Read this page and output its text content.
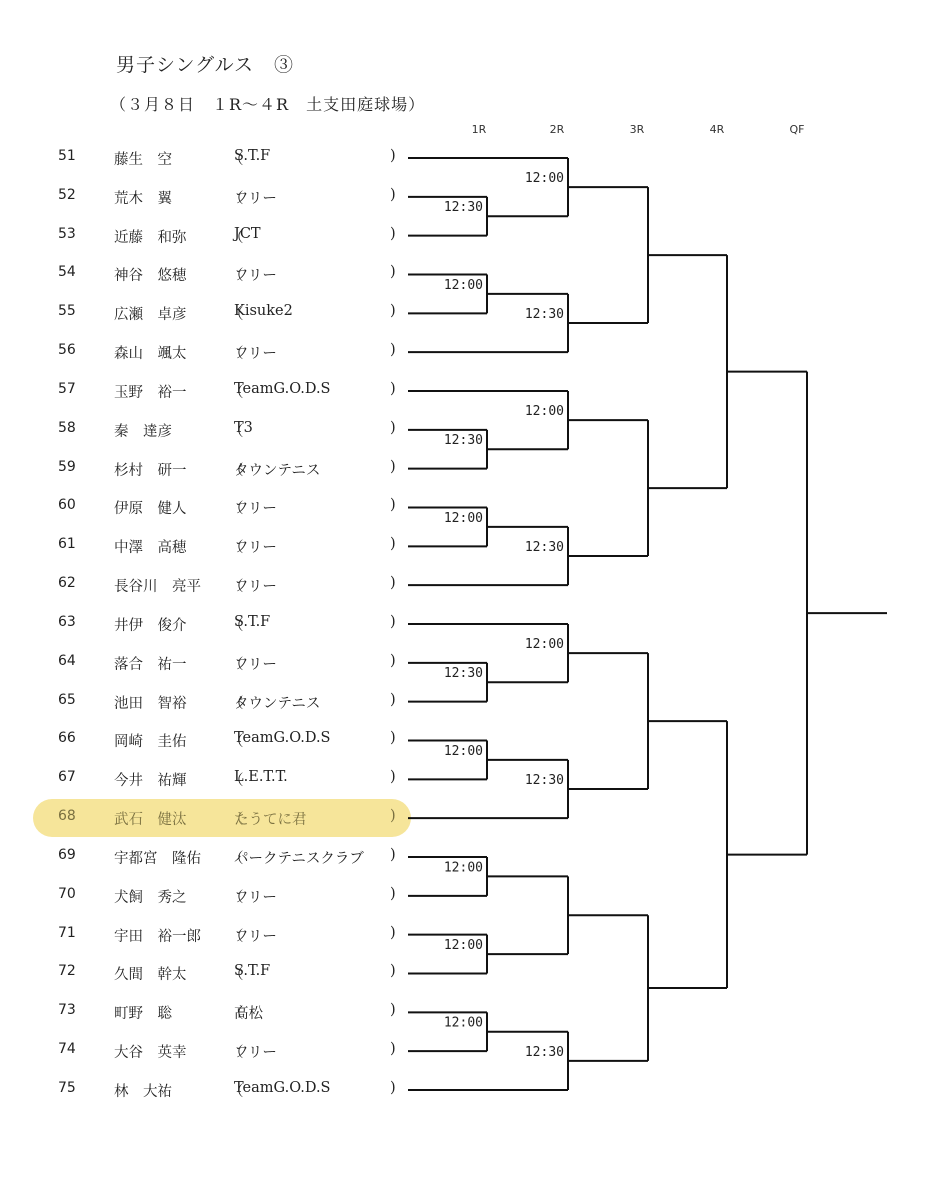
男子シングルス　③
（３月８日　１R～４R　土支田庭球場）
1R	2R	3R	4R	QF
51	藤生　空	（ S.T.F	)
52	荒木　翼	（ フリー	)
53	近藤　和弥	（ JCT	)
54	神谷　悠穂	（ フリー	)
55	広瀬　卓彦	（ Kisuke2	)
56	森山　颯太	（ フリー	)
57	玉野　裕一	（ TeamG.O.D.S	)
58	秦　達彦	（ T3	)
59	杉村　研一	（ タウンテニス	)
60	伊原　健人	（ フリー	)
61	中澤　高穂	（ フリー	)
62	長谷川　亮平 （ フリー	)
63	井伊　俊介	（ S.T.F	)
64	落合　祐一	（ フリー	)
65	池田　智裕	（ タウンテニス	)
66	岡崎　圭佑	（ TeamG.O.D.S	)
67	今井　祐輝	（ L.E.T.T.	)
68	武石　健汰	（ たうてに君	)
69	宇都宮　隆佑 （ パークテニスクラブ )
70	犬飼　秀之	（ フリー	)
71	宇田　裕一郎 （ フリー	)
72	久間　幹太	（ S.T.F	)
73	町野　聡	（ 高松	)
74	大谷　英幸	（ フリー	)
75	林　大祐	（ TeamG.O.D.S	)
12:30
12:00
12:00
12:30
12:30
12:00
12:00
12:30
12:30
12:00
12:00
12:30
12:00
12:00
12:00
12:30
